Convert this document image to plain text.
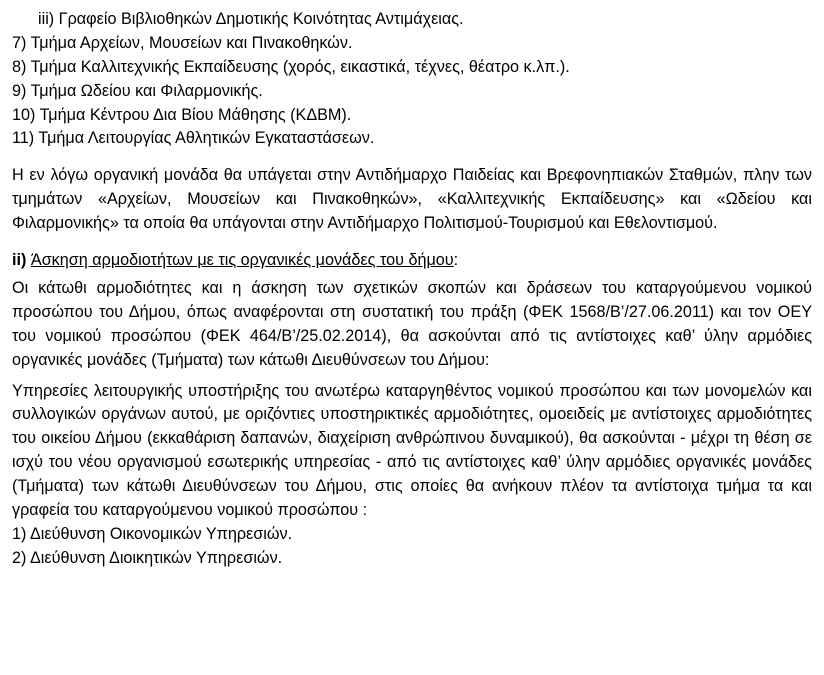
iii) Γραφείο Βιβλιοθηκών Δημοτικής Κοινότητας Αντιμάχειας.
7) Τμήμα Αρχείων, Μουσείων και Πινακοθηκών.
8) Τμήμα Καλλιτεχνικής Εκπαίδευσης (χορός, εικαστικά, τέχνες, θέατρο κ.λπ.).
9) Τμήμα Ωδείου και Φιλαρμονικής.
10) Τμήμα Κέντρου Δια Βίου Μάθησης (ΚΔΒΜ).
11) Τμήμα Λειτουργίας Αθλητικών Εγκαταστάσεων.

Η εν λόγω οργανική μονάδα θα υπάγεται στην Αντιδήμαρχο Παιδείας και Βρεφονηπιακών Σταθμών, πλην των τμημάτων «Αρχείων, Μουσείων και Πινακοθηκών», «Καλλιτεχνικής Εκπαίδευσης» και «Ωδείου και Φιλαρμονικής» τα οποία θα υπάγονται στην Αντιδήμαρχο Πολιτισμού-Τουρισμού και Εθελοντισμού.

ii) Άσκηση αρμοδιοτήτων με τις οργανικές μονάδες του δήμου:

Οι κάτωθι αρμοδιότητες και η άσκηση των σχετικών σκοπών και δράσεων του καταργούμενου νομικού προσώπου του Δήμου, όπως αναφέρονται στη συστατική του πράξη (ΦΕΚ 1568/Β’/27.06.2011) και τον ΟΕΥ του νομικού προσώπου (ΦΕΚ 464/Β’/25.02.2014), θα ασκούνται από τις αντίστοιχες καθ’ ύλην αρμόδιες οργανικές μονάδες (Τμήματα) των κάτωθι Διευθύνσεων του Δήμου:

Υπηρεσίες λειτουργικής υποστήριξης του ανωτέρω καταργηθέντος νομικού προσώπου και των μονομελών και συλλογικών οργάνων αυτού, με οριζόντιες υποστηρικτικές αρμοδιότητες, ομοειδείς με αντίστοιχες αρμοδιότητες του οικείου Δήμου (εκκαθάριση δαπανών, διαχείριση ανθρώπινου δυναμικού), θα ασκούνται - μέχρι τη θέση σε ισχύ του νέου οργανισμού εσωτερικής υπηρεσίας - από τις αντίστοιχες καθ’ ύλην αρμόδιες οργανικές μονάδες (Τμήματα) των κάτωθι Διευθύνσεων του Δήμου, στις οποίες θα ανήκουν πλέον τα αντίστοιχα τμήμα τα και γραφεία του καταργούμενου νομικού προσώπου :

1) Διεύθυνση Οικονομικών Υπηρεσιών.
2) Διεύθυνση Διοικητικών Υπηρεσιών.
